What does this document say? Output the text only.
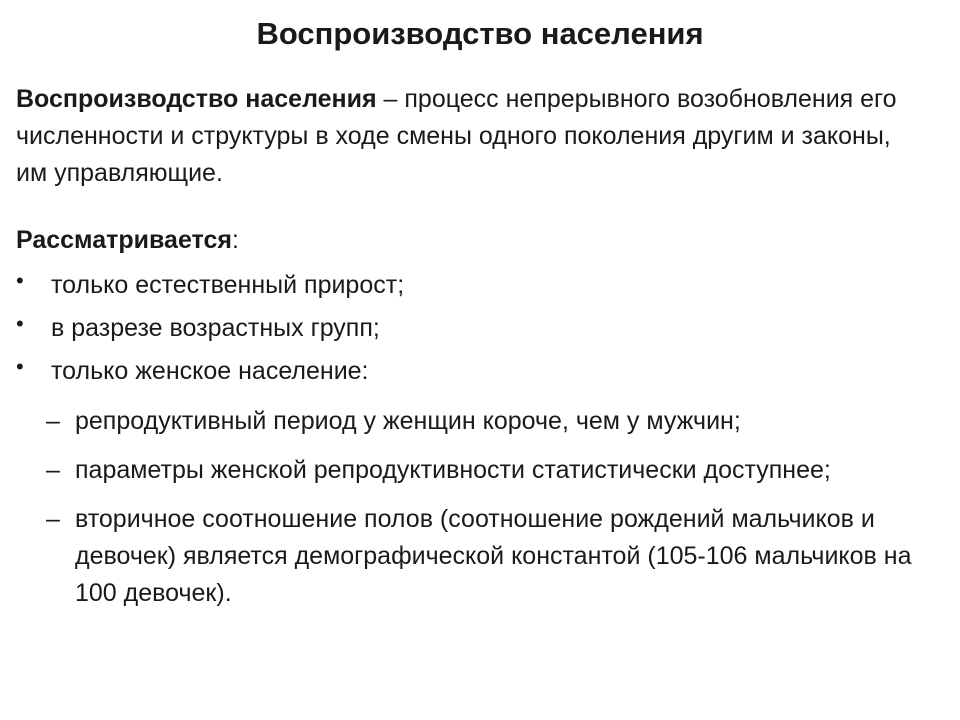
Воспроизводство населения
Воспроизводство населения – процесс непрерывного возобновления его численности и структуры в ходе смены одного поколения другим и законы, им управляющие.
Рассматривается:
• только естественный прирост;
• в разрезе возрастных групп;
• только женское население:
– репродуктивный период у женщин короче, чем у мужчин;
– параметры женской репродуктивности статистически доступнее;
– вторичное соотношение полов (соотношение рождений мальчиков и девочек) является демографической константой (105-106 мальчиков на 100 девочек).
